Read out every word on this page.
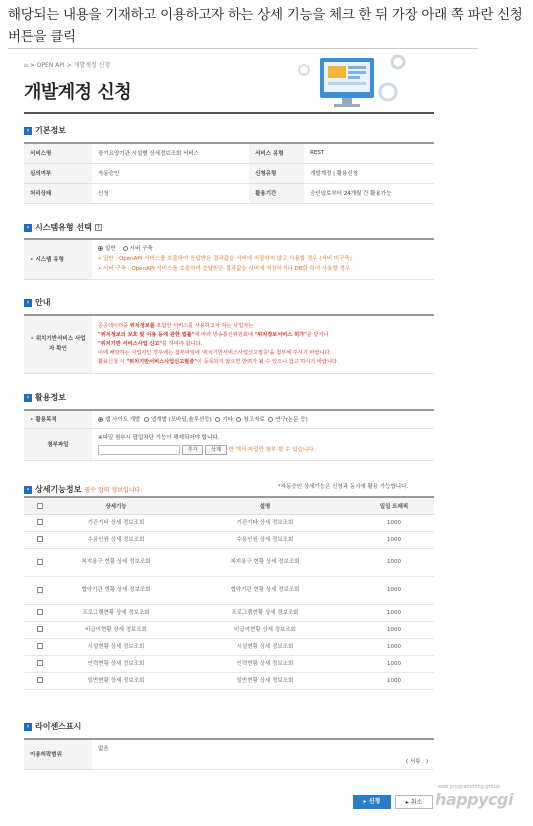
해당되는 내용을 기재하고 이용하고자 하는 상세 기능을 체크 한 뒤 가장 아래 쪽 파란 신청 버튼을 클릭
⌂ > OPEN API > 개발계정 신청
개발계정 신청
› 기본정보
서비스명	장기요양기관 시설별 상세정보조회 서비스	서비스 유형	REST
심의여부	자동승인	신청유형	개발계정 | 활용신청
처리상태	신청	활용기간	승인일로부터 24개월 간 활용가능
› 시스템유형 선택	?
• 시스템 유형	일반	서버 구축
• 일반 : OpenAPI 서비스를 호출하여 응답받은 결과값을 서버에 저장하지 않고 사용할 경우 (서버 미구축)
• 서버 구축 : OpenAPI 서비스를 호출하여 응답받은 결과값을 서버에 저장하거나 DB화 하여 사용할 경우
› 안내
• 위치기반서비스 사업자 확인	공공데이터중 위치정보를 포함한 서비스를 사용하고자 하는 사업자는
"위치정보의 보호 및 이용 등에 관한 법률"에 따라 방송통신위원회에 "위치정보서비스 허가"를 받거나
"위치기반 서비스사업 신고"를 하여야 합니다.
이에 해당하는 사업자인 경우에는 첨부파일에 '위치기반서비스사업신고필증'을 첨부해 주시기 바랍니다.
활용신청 시 "위치기반서비스사업신고필증"이 등록되지 않으면 반려가 될 수 있으니 참고 하시기 바랍니다.
› 활용정보
• 활용목적	웹 사이트 개발 앱개발 (모바일,솔루션등) 기타 참고자료 연구(논문 등)
첨부파일	※파일 첨부시 팝업차단 기능이 해제되어야 합니다.
추가 삭제 한 개의 파일만 첨부 할 수 있습니다.
› 상세기능정보 필수 입력 정보입니다.	*자동승인 상세기능은 신청과 동시에 활용 가능합니다.
	상세기능	설명	일일 트래픽
	기관기타 상세 정보조회	기관기타 상세 정보조회	1000
	수용인원 상세 정보조회	수용인원 상세 정보조회	1000
	복지용구 현황 상세 정보조회	복지용구 현황 상세 정보조회	1000
	협약기관 현황 상세 정보조회	협약기관 현황 상세 정보조회	1000
	프로그램현황 상세 정보조회	프로그램현황 상세 정보조회	1000
	비급여현황 상세 정보조회	비급여현황 상세 정보조회	1000
	시설현황 상세 정보조회	시설현황 상세 정보조회	1000
	인력현황 상세 정보조회	인력현황 상세 정보조회	1000
	일반현황 상세 정보조회	일반현황 상세 정보조회	1000
› 라이센스표시
이용허락범위	없음
( 서류 : )
▸ 신청	▸ 취소
web programming group
happycgi
